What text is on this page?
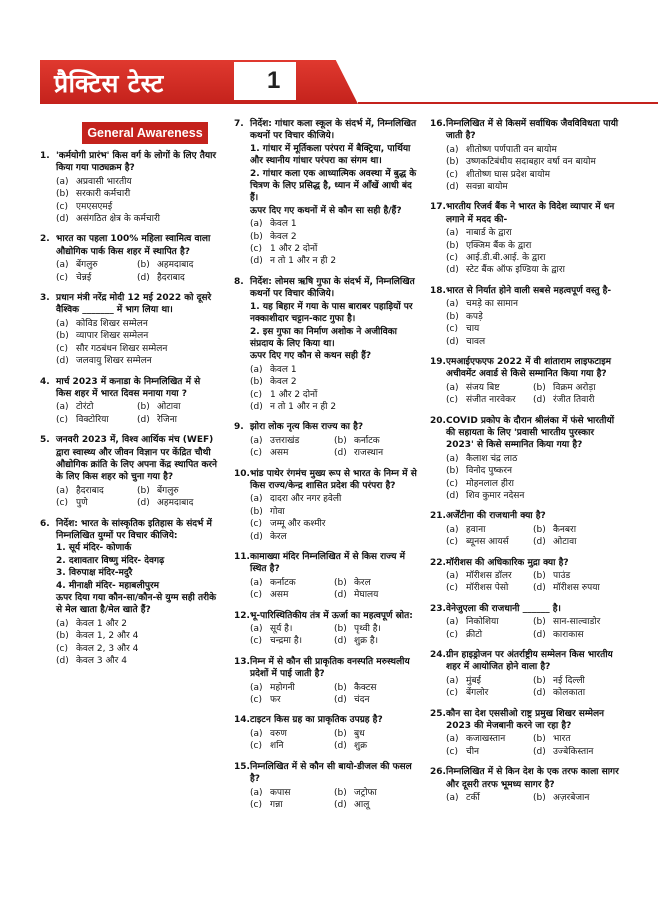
प्रैक्टिस टेस्ट	1
General Awareness
1. 'कर्मयोगी प्रारंभ' किस वर्ग के लोगों के लिए तैयार किया गया पाठ्यक्रम है?
(a) अप्रवासी भारतीय
(b) सरकारी कर्मचारी
(c) एमएसएमई
(d) असंगठित क्षेत्र के कर्मचारी
2. भारत का पहला 100% महिला स्वामित्व वाला औद्योगिक पार्क किस शहर में स्थापित है?
(a) बेंगलुरु	(b) अहमदाबाद
(c) चेन्नई	(d) हैदराबाद
3. प्रधान मंत्री नरेंद्र मोदी 12 मई 2022 को दूसरे वैश्विक _______ में भाग लिया था।
(a) कोविड शिखर सम्मेलन
(b) व्यापार शिखर सम्मेलन
(c) सौर गठबंधन शिखर सम्मेलन
(d) जलवायु शिखर सम्मेलन
4. मार्च 2023 में कनाडा के निम्नलिखित में से किस शहर में भारत दिवस मनाया गया ?
(a) टोरंटो	(b) ओटावा
(c) विक्टोरिया	(d) रेजिना
5. जनवरी 2023 में, विश्व आर्थिक मंच (WEF) द्वारा स्वास्थ्य और जीवन विज्ञान पर केंद्रित चौथी औद्योगिक क्रांति के लिए अपना केंद्र स्थापित करने के लिए किस शहर को चुना गया है?
(a) हैदराबाद	(b) बेंगलुरु
(c) पुणे	(d) अहमदाबाद
6. निर्देश: भारत के सांस्कृतिक इतिहास के संदर्भ में निम्नलिखित युग्मों पर विचार कीजिये:
1. सूर्य मंदिर- कोणार्क
2. दशावतार विष्णु मंदिर- देवगढ़
3. विरुपाक्ष मंदिर-मदुरै
4. मीनाक्षी मंदिर- महाबलीपुरम
ऊपर दिया गया कौन-सा/कौन-से युग्म सही तरीके से मेल खाता है/मेल खाते हैं?
(a) केवल 1 और 2
(b) केवल 1, 2 और 4
(c) केवल 2, 3 और 4
(d) केवल 3 और 4
7. निर्देश: गांधार कला स्कूल के संदर्भ में, निम्नलिखित कथनों पर विचार कीजिये।
1. गांधार में मूर्तिकला परंपरा में बैक्ट्रिया, पार्थिया और स्थानीय गांधार परंपरा का संगम था।
2. गांधार कला एक आध्यात्मिक अवस्था में बुद्ध के चित्रण के लिए प्रसिद्ध है, ध्यान में आँखें आधी बंद हैं।
ऊपर दिए गए कथनों में से कौन सा सही है/हैं?
(a) केवल 1
(b) केवल 2
(c) 1 और 2 दोनों
(d) न तो 1 और न ही 2
8. निर्देश: लोमस ऋषि गुफा के संदर्भ में, निम्नलिखित कथनों पर विचार कीजिये।
1. यह बिहार में गया के पास बाराबर पहाड़ियों पर नक्काशीदार चट्टान-काट गुफा है।
2. इस गुफा का निर्माण अशोक ने अजीविका संप्रदाय के लिए किया था।
ऊपर दिए गए कौन से कथन सही हैं?
(a) केवल 1
(b) केवल 2
(c) 1 और 2 दोनों
(d) न तो 1 और न ही 2
9. झोरा लोक नृत्य किस राज्य का है?
(a) उत्तराखंड	(b) कर्नाटक
(c) असम	(d) राजस्थान
10. भांड पाथेर रंगमंच मुख्य रूप से भारत के निम्न में से किस राज्य/केन्द्र शासित प्रदेश की परंपरा है?
(a) दादरा और नगर हवेली
(b) गोवा
(c) जम्मू और कश्मीर
(d) केरल
11. कामाख्या मंदिर निम्नलिखित में से किस राज्य में स्थित है?
(a) कर्नाटक	(b) केरल
(c) असम	(d) मेघालय
12. भू-पारिस्थितिकीय तंत्र में ऊर्जा का महत्वपूर्ण स्रोत:
(a) सूर्य है।	(b) पृथ्वी है।
(c) चन्द्रमा है।	(d) शुक्र है।
13. निम्न में से कौन सी प्राकृतिक वनस्पति मरुस्थलीय प्रदेशों में पाई जाती है?
(a) महोगनी	(b) कैक्टस
(c) फर	(d) चंदन
14. टाइटन किस ग्रह का प्राकृतिक उपग्रह है?
(a) वरुण	(b) बुध
(c) शनि	(d) शुक्र
15. निम्नलिखित में से कौन सी बायो-डीजल की फसल है?
(a) कपास	(b) जट्रोफा
(c) गन्ना	(d) आलू
16. निम्नलिखित में से किसमें सर्वाधिक जैवविविधता पायी जाती है?
(a) शीतोष्ण पर्णपाती वन बायोम
(b) उष्णकटिबंधीय सदाबहार वर्षा वन बायोम
(c) शीतोष्ण घास प्रदेश बायोम
(d) सवन्ना बायोम
17. भारतीय रिजर्व बैंक ने भारत के विदेश व्यापार में धन लगाने में मदद की-
(a) नाबार्ड के द्वारा
(b) एक्जिम बैंक के द्वारा
(c) आई.डी.बी.आई. के द्वारा
(d) स्टेट बैंक ऑफ इण्डिया के द्वारा
18. भारत से निर्यात होने वाली सबसे महत्वपूर्ण वस्तु है-
(a) चमड़े का सामान
(b) कपड़े
(c) चाय
(d) चावल
19. एमआईएफएफ 2022 में वी शांताराम लाइफटाइम अचीवमेंट अवार्ड से किसे सम्मानित किया गया है?
(a) संजय बिष्ट	(b) विक्रम अरोड़ा
(c) संजीत नारवेकर	(d) रंजीत तिवारी
20. COVID प्रकोप के दौरान श्रीलंका में फंसे भारतीयों की सहायता के लिए 'प्रवासी भारतीय पुरस्कार 2023' से किसे सम्मानित किया गया है?
(a) कैलाश चंद्र लाठ
(b) विनोद पुष्करन
(c) मोहनलाल हीरा
(d) शिव कुमार नदेसन
21. अर्जेंटीना की राजधानी क्या है?
(a) हवाना	(b) कैनबरा
(c) ब्यूनस आयर्स	(d) ओटावा
22. मॉरीशस की अधिकारिक मुद्रा क्या है?
(a) मॉरीशस डॉलर	(b) पाउंड
(c) मॉरीशस पेसो	(d) मॉरीशस रुपया
23. वेनेजुएला की राजधानी ______ है।
(a) निकोशिया	(b) सान-साल्वाडोर
(c) क्रीटो	(d) काराकास
24. ग्रीन हाइड्रोजन पर अंतर्राष्ट्रीय सम्मेलन किस भारतीय शहर में आयोजित होने वाला है?
(a) मुंबई	(b) नई दिल्ली
(c) बेंगलोर	(d) कोलकाता
25. कौन सा देश एससीओ राष्ट्र प्रमुख शिखर सम्मेलन 2023 की मेजबानी करने जा रहा है?
(a) कजाखस्तान	(b) भारत
(c) चीन	(d) उज्बेकिस्तान
26. निम्नलिखित में से किन देश के एक तरफ काला सागर और दूसरी तरफ भूमध्य सागर है?
(a) टर्की	(b) अज़रबेजान
